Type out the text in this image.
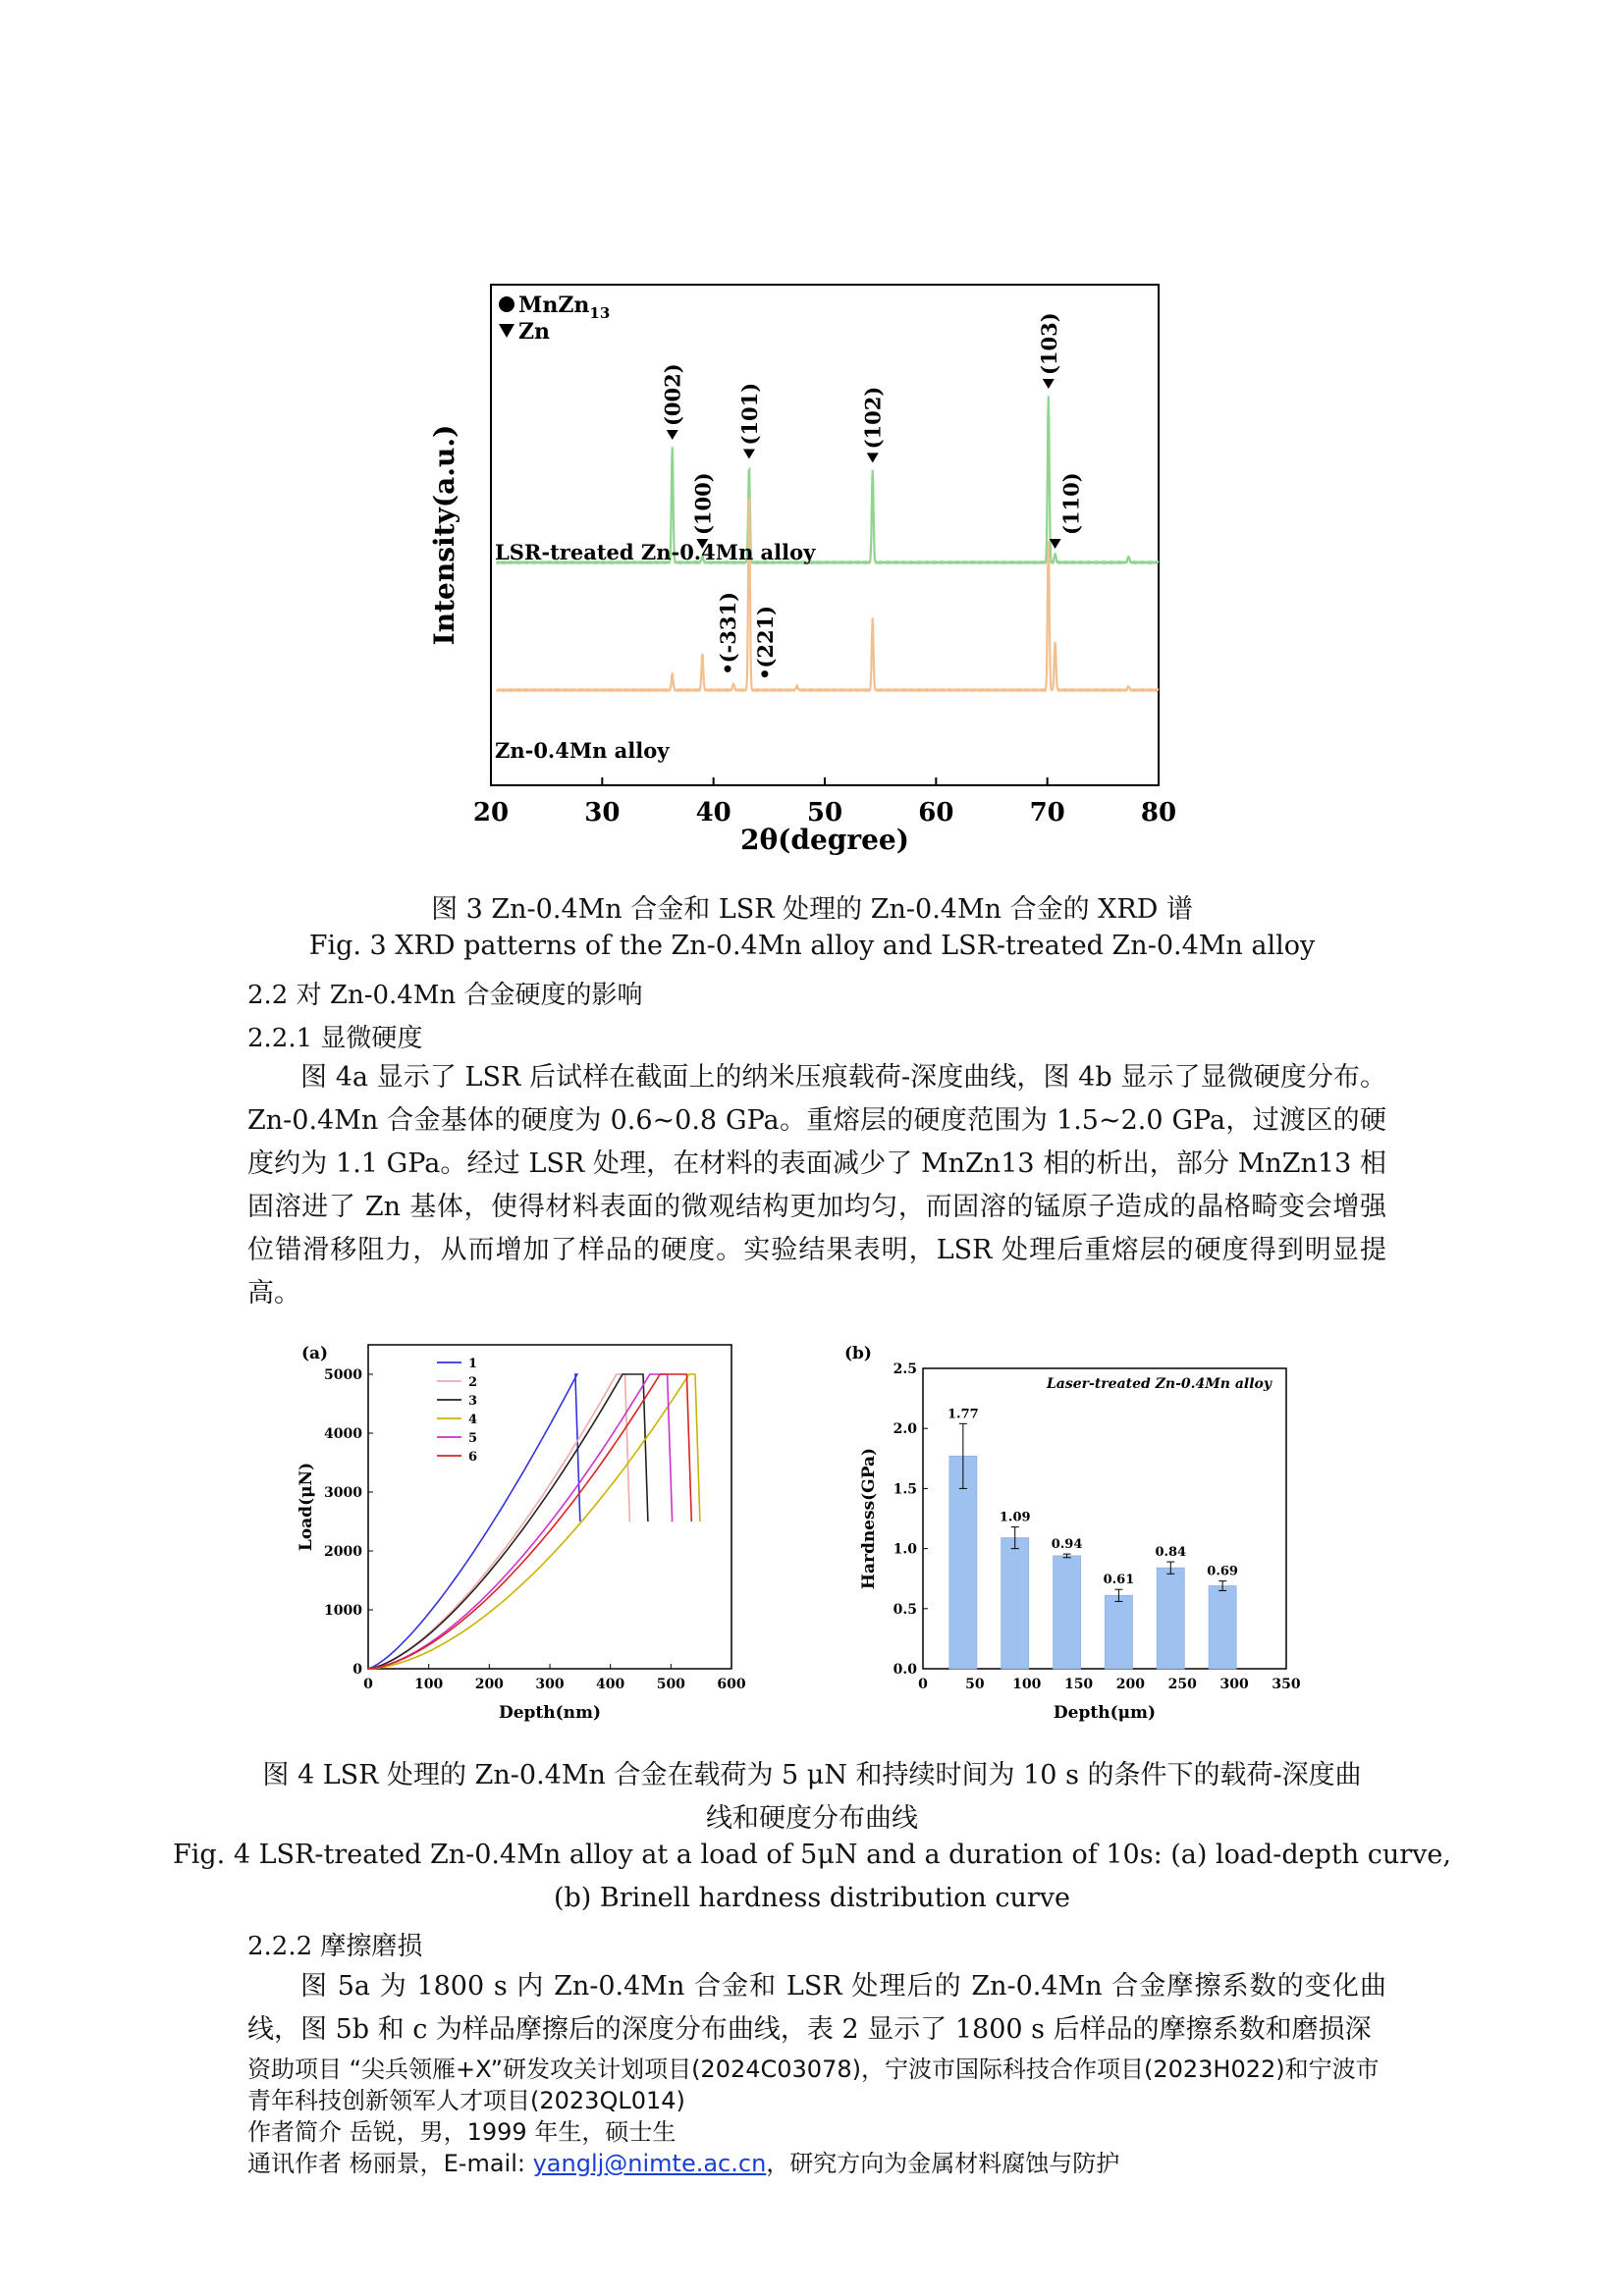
20	30	40	50	60	70	80
(002)
(100)
(101)	(102)
(103)
(110)
(-331) (221)
MnZn$_{13}$
Zn
LSR-treated Zn-0.4Mn alloy
Zn-0.4Mn alloy
2θ(degree)
Intensity(a.u.)
图 3 Zn-0.4Mn 合金和 LSR 处理的 Zn-0.4Mn 合金的 XRD 谱
Fig. 3 XRD patterns of the Zn-0.4Mn alloy and LSR-treated Zn-0.4Mn alloy
2.2 对 Zn-0.4Mn 合金硬度的影响
2.2.1 显微硬度

图 4a 显示了 LSR 后试样在截面上的纳米压痕载荷-深度曲线，图 4b 显示了显微硬度分布。Zn-0.4Mn 合金基体的硬度为 0.6~0.8 GPa。重熔层的硬度范围为 1.5~2.0 GPa，过渡区的硬度约为 1.1 GPa。经过 LSR 处理，在材料的表面减少了 MnZn13 相的析出，部分 MnZn13 相固溶进了 Zn 基体，使得材料表面的微观结构更加均匀，而固溶的锰原子造成的晶格畸变会增强位错滑移阻力，从而增加了样品的硬度。实验结果表明，LSR 处理后重熔层的硬度得到明显提高。

(a)
0	100 200 300 400 500 600
0
1000
2000
3000
4000
5000
1
2
3
4
5
6
Depth(nm)
Load(μN)
(b)
Laser-treated Zn-0.4Mn alloy
0	50 100 150 200 250 300 350
0.0
0.5
1.0
1.5
2.0
2.5
1.77
1.09
0.94
0.61
0.84
0.69
Depth(μm)
Hardness(GPa)
图 4 LSR 处理的 Zn-0.4Mn 合金在载荷为 5 μN 和持续时间为 10 s 的条件下的载荷-深度曲
线和硬度分布曲线
Fig. 4 LSR-treated Zn-0.4Mn alloy at a load of 5μN and a duration of 10s: (a) load-depth curve,
(b) Brinell hardness distribution curve
2.2.2 摩擦磨损

图 5a 为 1800 s 内 Zn-0.4Mn 合金和 LSR 处理后的 Zn-0.4Mn 合金摩擦系数的变化曲线，图 5b 和 c 为样品摩擦后的深度分布曲线，表 2 显示了 1800 s 后样品的摩擦系数和磨损深

资助项目 “尖兵领雁+X”研发攻关计划项目(2024C03078)，宁波市国际科技合作项目(2023H022)和宁波市
青年科技创新领军人才项目(2023QL014)
作者简介 岳锐，男，1999 年生，硕士生
通讯作者 杨丽景，E-mail: yanglj@nimte.ac.cn，研究方向为金属材料腐蚀与防护
